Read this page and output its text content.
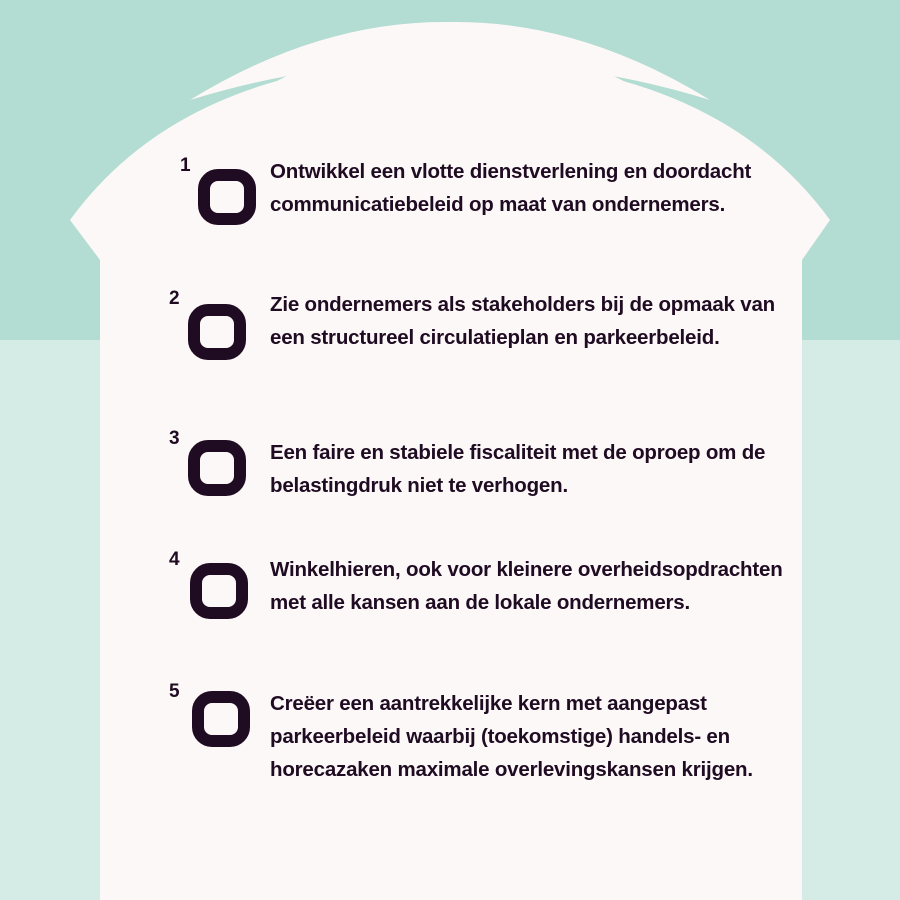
1	Ontwikkel een vlotte dienstverlening en doordacht communicatiebeleid op maat van ondernemers.
2	Zie ondernemers als stakeholders bij de opmaak van een structureel circulatieplan en parkeerbeleid.
3
Een faire en stabiele fiscaliteit met de oproep om de belastingdruk niet te verhogen.
4	Winkelhieren, ook voor kleinere overheidsopdrachten met alle kansen aan de lokale ondernemers.
5
Creëer een aantrekkelijke kern met aangepast parkeerbeleid waarbij (toekomstige) handels- en horecazaken maximale overlevingskansen krijgen.
